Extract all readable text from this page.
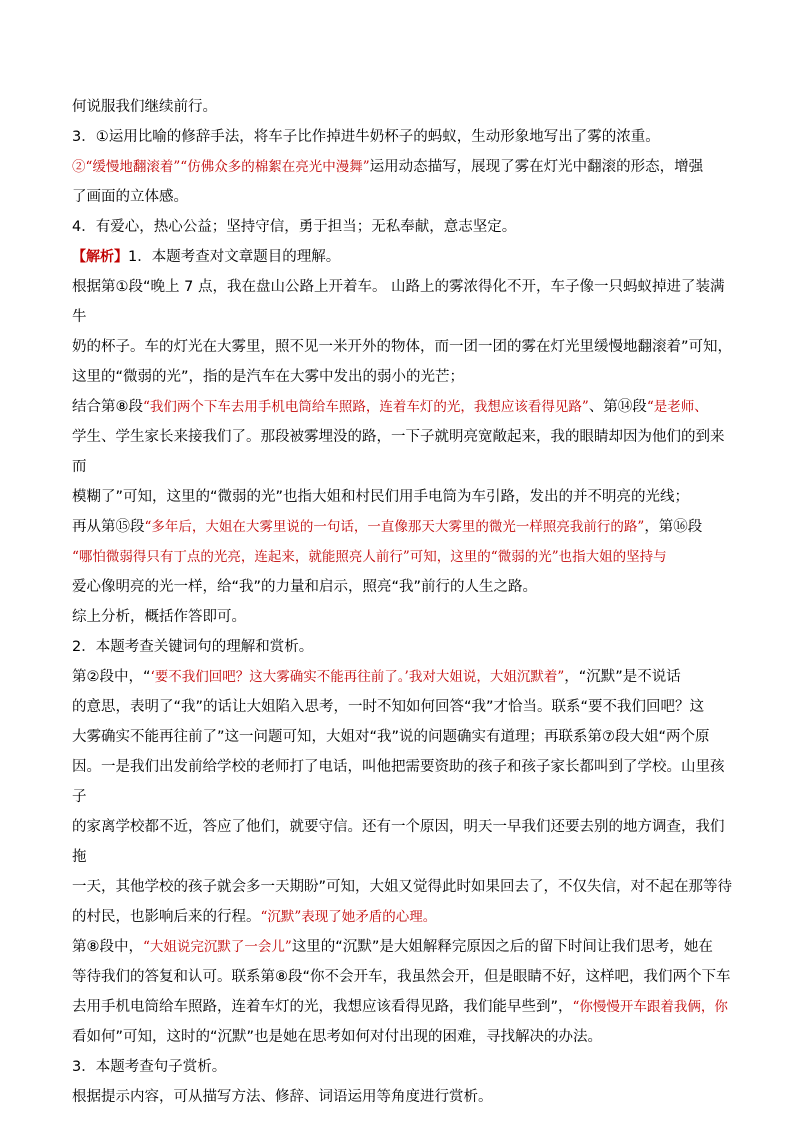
何说服我们继续前行。

3．①运用比喻的修辞手法，将车子比作掉进牛奶杯子的蚂蚁，生动形象地写出了雾的浓重。

②“缓慢地翻滚着”“仿佛众多的棉絮在亮光中漫舞”运用动态描写，展现了雾在灯光中翻滚的形态，增强

了画面的立体感。

4．有爱心，热心公益；坚持守信，勇于担当；无私奉献，意志坚定。

【解析】1．本题考查对文章题目的理解。

根据第①段“晚上 7 点，我在盘山公路上开着车。 山路上的雾浓得化不开，车子像一只蚂蚁掉进了装满牛

奶的杯子。车的灯光在大雾里，照不见一米开外的物体，而一团一团的雾在灯光里缓慢地翻滚着”可知，

这里的“微弱的光”，指的是汽车在大雾中发出的弱小的光芒；

结合第⑧段“我们两个下车去用手机电筒给车照路，连着车灯的光，我想应该看得见路”、第⑭段“是老师、

学生、学生家长来接我们了。那段被雾埋没的路，一下子就明亮宽敞起来，我的眼睛却因为他们的到来而

模糊了”可知，这里的“微弱的光”也指大姐和村民们用手电筒为车引路，发出的并不明亮的光线；

再从第⑮段“多年后，大姐在大雾里说的一句话，一直像那天大雾里的微光一样照亮我前行的路”，第⑯段

“哪怕微弱得只有丁点的光亮，连起来，就能照亮人前行”可知，这里的“微弱的光”也指大姐的坚持与

爱心像明亮的光一样，给“我”的力量和启示，照亮“我”前行的人生之路。

综上分析，概括作答即可。

2．本题考查关键词句的理解和赏析。

第②段中，“‘要不我们回吧？这大雾确实不能再往前了。’我对大姐说，大姐沉默着”，“沉默”是不说话

的意思，表明了“我”的话让大姐陷入思考，一时不知如何回答“我”才恰当。联系“要不我们回吧？这

大雾确实不能再往前了”这一问题可知，大姐对“我”说的问题确实有道理；再联系第⑦段大姐“两个原

因。一是我们出发前给学校的老师打了电话，叫他把需要资助的孩子和孩子家长都叫到了学校。山里孩子

的家离学校都不近，答应了他们，就要守信。还有一个原因，明天一早我们还要去别的地方调查，我们拖

一天，其他学校的孩子就会多一天期盼”可知，大姐又觉得此时如果回去了，不仅失信，对不起在那等待

的村民，也影响后来的行程。“沉默”表现了她矛盾的心理。

第⑧段中，“大姐说完沉默了一会儿”这里的“沉默”是大姐解释完原因之后的留下时间让我们思考，她在

等待我们的答复和认可。联系第⑧段“你不会开车，我虽然会开，但是眼睛不好，这样吧，我们两个下车

去用手机电筒给车照路，连着车灯的光，我想应该看得见路，我们能早些到”，“你慢慢开车跟着我俩，你

看如何”可知，这时的“沉默”也是她在思考如何对付出现的困难，寻找解决的办法。

3．本题考查句子赏析。

根据提示内容，可从描写方法、修辞、词语运用等角度进行赏析。
